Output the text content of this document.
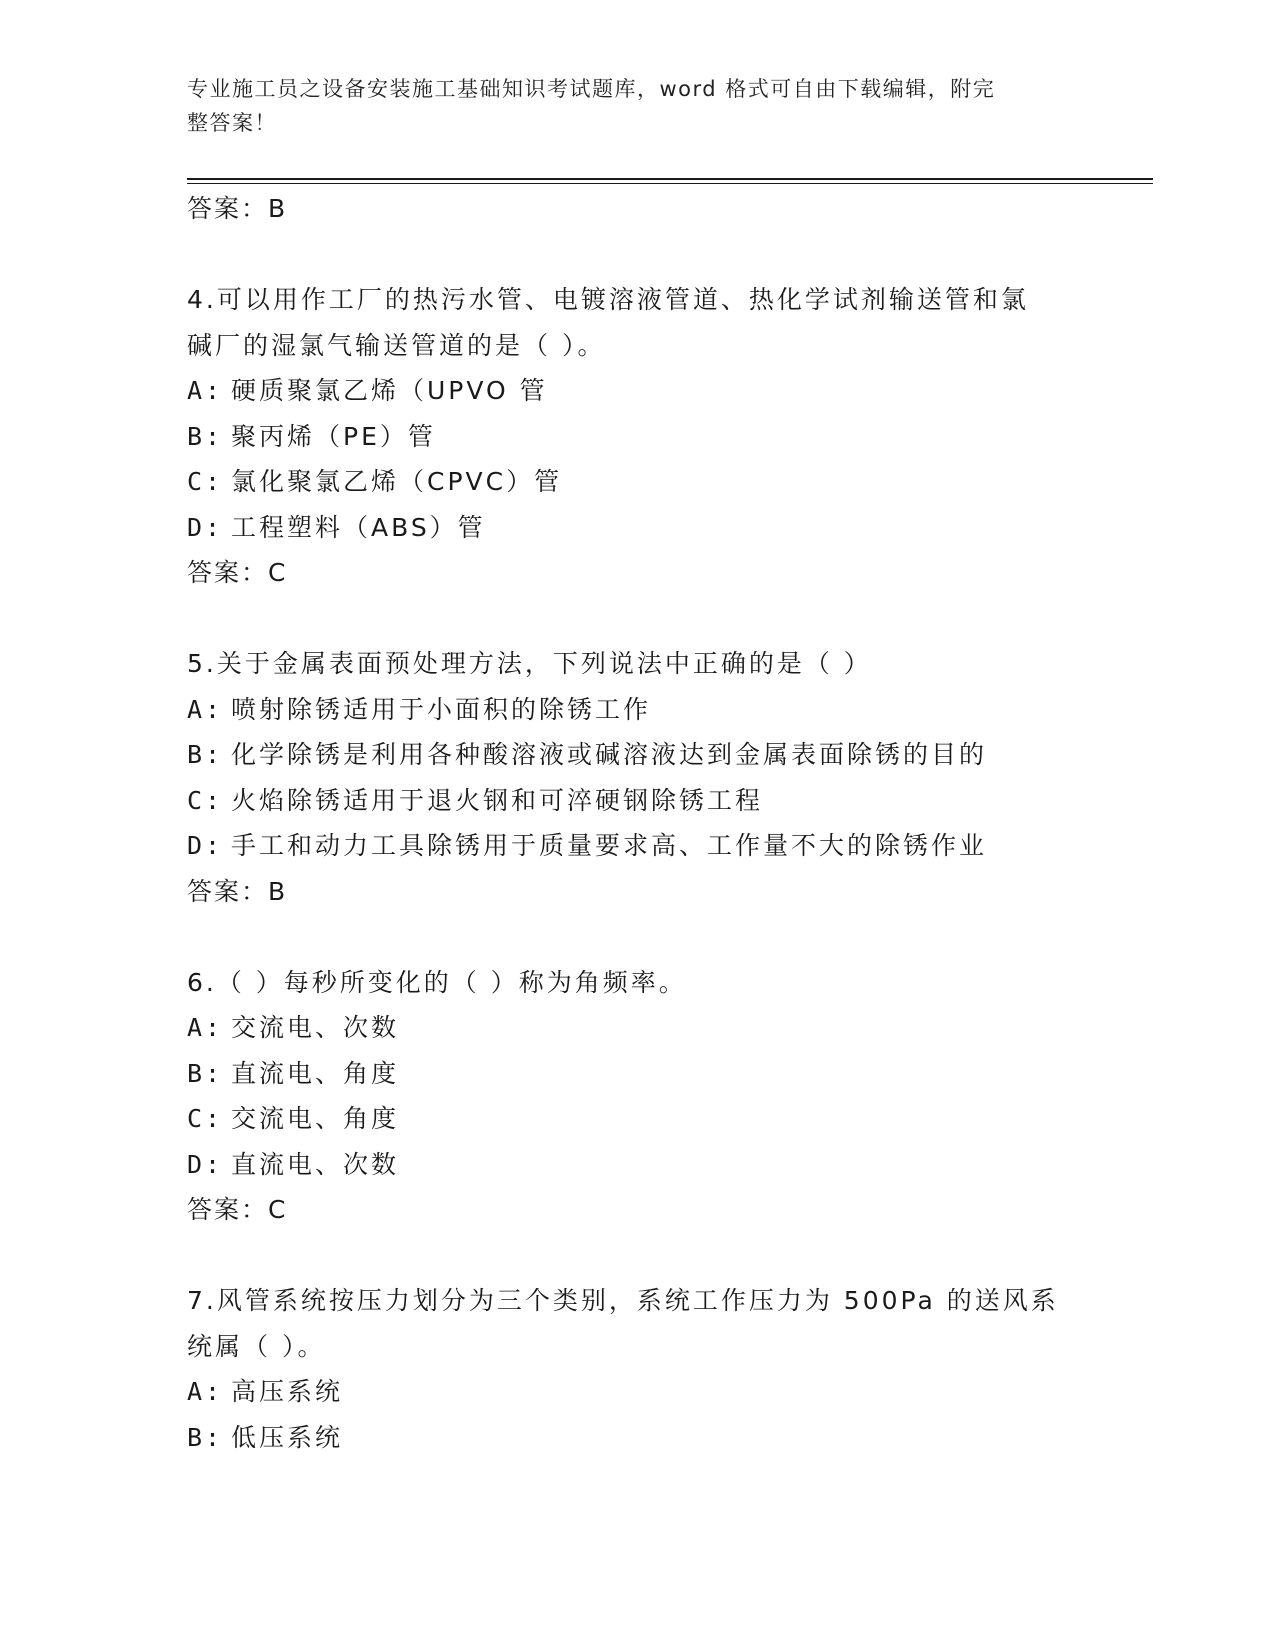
专业施工员之设备安装施工基础知识考试题库，word 格式可自由下载编辑，附完
整答案！
答案：B
4.可以用作工厂的热污水管、电镀溶液管道、热化学试剂输送管和氯
碱厂的湿氯气输送管道的是（ ）。
A: 硬质聚氯乙烯（UPVO 管
B: 聚丙烯（PE）管
C: 氯化聚氯乙烯（CPVC）管
D: 工程塑料（ABS）管
答案：C
5.关于金属表面预处理方法，下列说法中正确的是（ ）
A: 喷射除锈适用于小面积的除锈工作
B: 化学除锈是利用各种酸溶液或碱溶液达到金属表面除锈的目的
C: 火焰除锈适用于退火钢和可淬硬钢除锈工程
D: 手工和动力工具除锈用于质量要求高、工作量不大的除锈作业
答案：B
6.（ ）每秒所变化的（ ）称为角频率。
A: 交流电、次数
B: 直流电、角度
C: 交流电、角度
D: 直流电、次数
答案：C
7.风管系统按压力划分为三个类别，系统工作压力为 500Pa 的送风系
统属（ ）。
A: 高压系统
B: 低压系统
